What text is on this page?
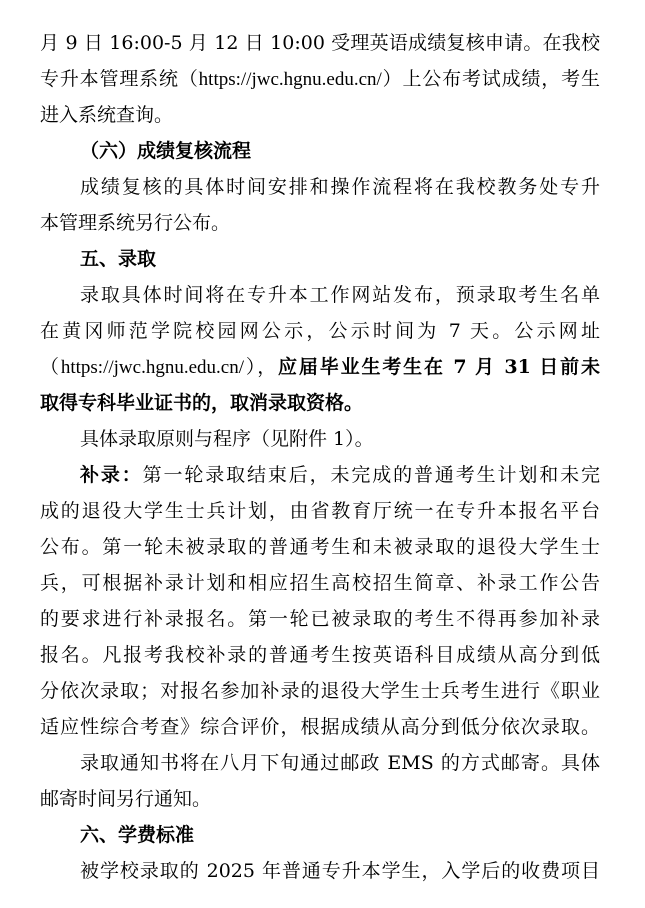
月 9 日 16:00-5 月 12 日 10:00 受理英语成绩复核申请。在我校

专升本管理系统（https://jwc.hgnu.edu.cn/）上公布考试成绩，考生

进入系统查询。

（六）成绩复核流程

成绩复核的具体时间安排和操作流程将在我校教务处专升

本管理系统另行公布。

五、录取

录取具体时间将在专升本工作网站发布，预录取考生名单

在黄冈师范学院校园网公示，公示时间为 7 天。公示网址

（https://jwc.hgnu.edu.cn/），应届毕业生考生在 7 月 31 日前未

取得专科毕业证书的，取消录取资格。

具体录取原则与程序（见附件 1）。

补录：第一轮录取结束后，未完成的普通考生计划和未完

成的退役大学生士兵计划，由省教育厅统一在专升本报名平台

公布。第一轮未被录取的普通考生和未被录取的退役大学生士

兵，可根据补录计划和相应招生高校招生简章、补录工作公告

的要求进行补录报名。第一轮已被录取的考生不得再参加补录

报名。凡报考我校补录的普通考生按英语科目成绩从高分到低

分依次录取；对报名参加补录的退役大学生士兵考生进行《职业

适应性综合考查》综合评价，根据成绩从高分到低分依次录取。

录取通知书将在八月下旬通过邮政 EMS 的方式邮寄。具体

邮寄时间另行通知。

六、学费标准

被学校录取的 2025 年普通专升本学生，入学后的收费项目
